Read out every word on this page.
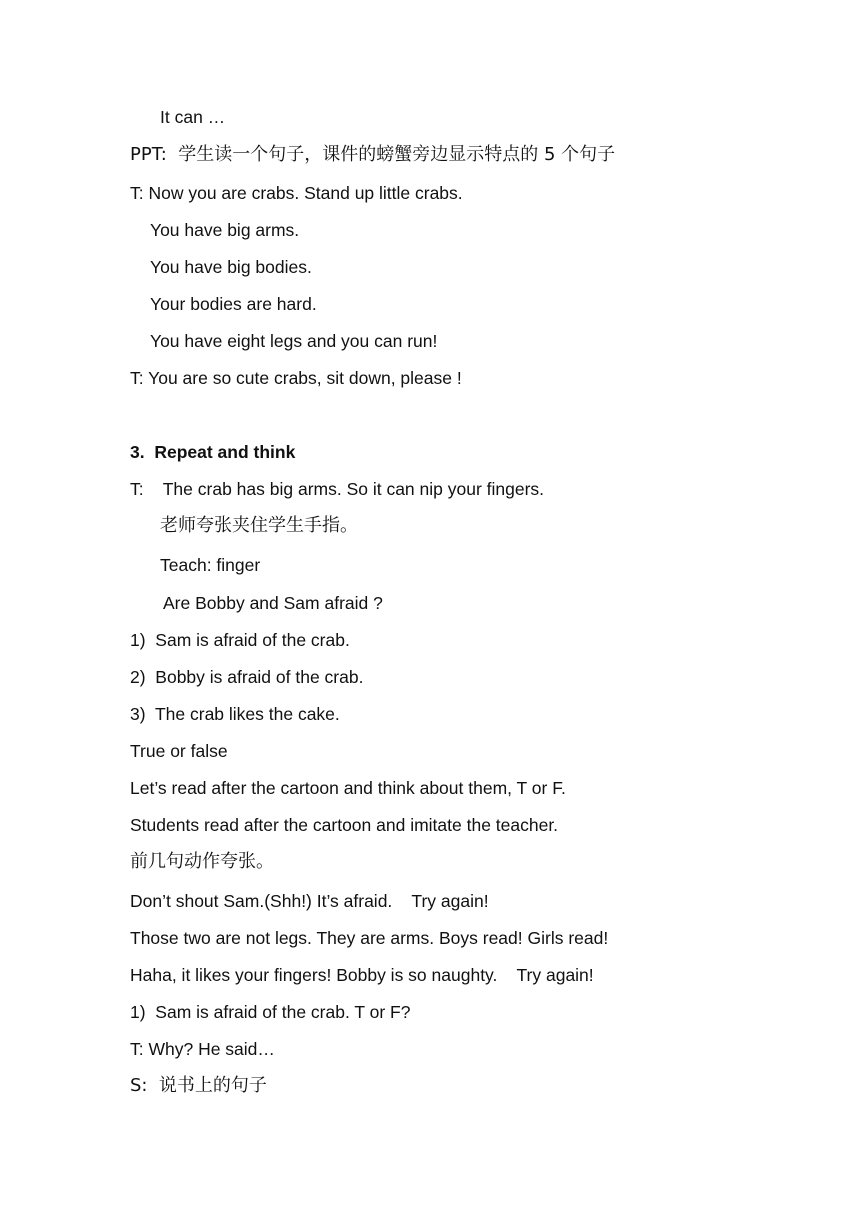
It can …
PPT:  学生读一个句子，课件的螃蟹旁边显示特点的 5 个句子
T: Now you are crabs. Stand up little crabs.
You have big arms.
You have big bodies.
Your bodies are hard.
You have eight legs and you can run!
T: You are so cute crabs, sit down, please !
3.  Repeat and think
T:    The crab has big arms. So it can nip your fingers.
老师夸张夹住学生手指。
Teach: finger
Are Bobby and Sam afraid ?
1)  Sam is afraid of the crab.
2)  Bobby is afraid of the crab.
3)  The crab likes the cake.
True or false
Let’s read after the cartoon and think about them, T or F.
Students read after the cartoon and imitate the teacher.
前几句动作夸张。
Don’t shout Sam.(Shh!) It’s afraid.    Try again!
Those two are not legs. They are arms. Boys read! Girls read!
Haha, it likes your fingers! Bobby is so naughty.    Try again!
1)  Sam is afraid of the crab. T or F?
T: Why? He said…
S:  说书上的句子
